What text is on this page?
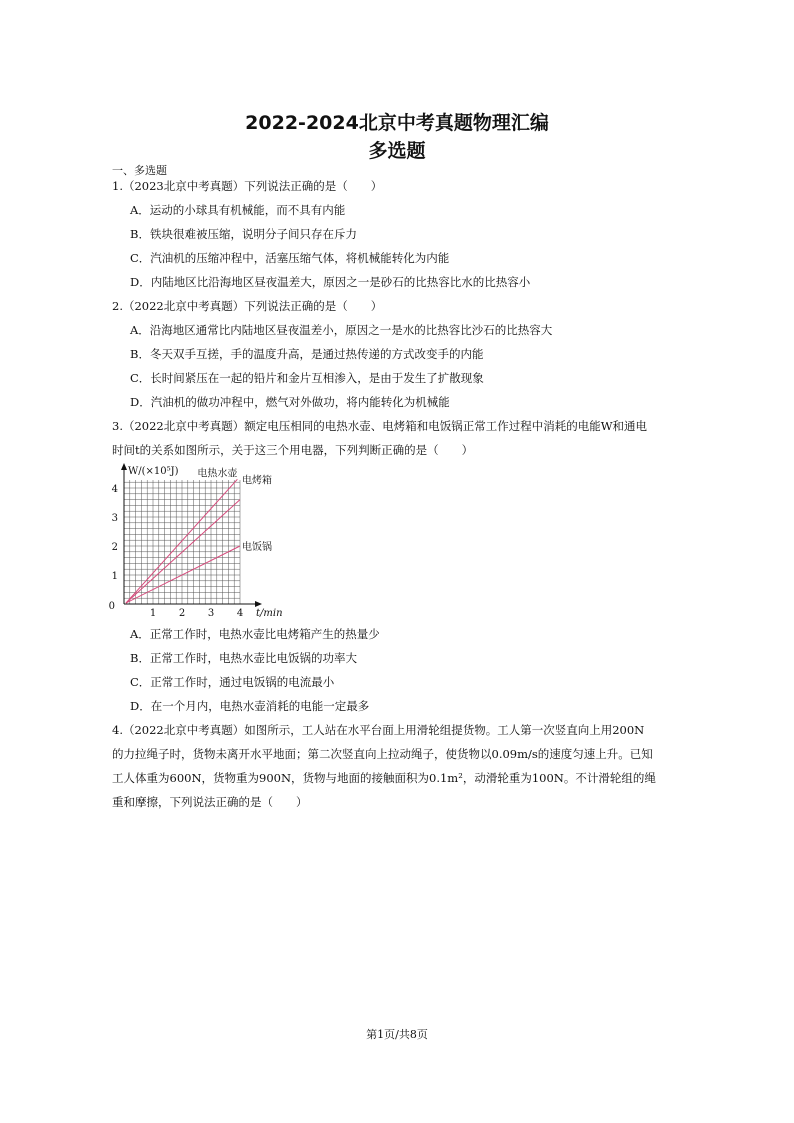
2022-2024北京中考真题物理汇编
多选题
一、多选题
1.（2023北京中考真题）下列说法正确的是（　　）
A．运动的小球具有机械能，而不具有内能
B．铁块很难被压缩，说明分子间只存在斥力
C．汽油机的压缩冲程中，活塞压缩气体，将机械能转化为内能
D．内陆地区比沿海地区昼夜温差大，原因之一是砂石的比热容比水的比热容小
2.（2022北京中考真题）下列说法正确的是（　　）
A．沿海地区通常比内陆地区昼夜温差小，原因之一是水的比热容比沙石的比热容大
B．冬天双手互搓，手的温度升高，是通过热传递的方式改变手的内能
C．长时间紧压在一起的铅片和金片互相渗入，是由于发生了扩散现象
D．汽油机的做功冲程中，燃气对外做功，将内能转化为机械能
3.（2022北京中考真题）额定电压相同的电热水壶、电烤箱和电饭锅正常工作过程中消耗的电能W和通电
时间t的关系如图所示，关于这三个用电器，下列判断正确的是（　　）
1 2 3 4
1
2
3
4
0
t/min
W/(×10⁵J) 电热水壶
电烤箱
电饭锅
A．正常工作时，电热水壶比电烤箱产生的热量少
B．正常工作时，电热水壶比电饭锅的功率大
C．正常工作时，通过电饭锅的电流最小
D．在一个月内，电热水壶消耗的电能一定最多
4.（2022北京中考真题）如图所示，工人站在水平台面上用滑轮组提货物。工人第一次竖直向上用200N
的力拉绳子时，货物未离开水平地面；第二次竖直向上拉动绳子，使货物以0.09m/s的速度匀速上升。已知
工人体重为600N，货物重为900N，货物与地面的接触面积为0.1m²，动滑轮重为100N。不计滑轮组的绳
重和摩擦，下列说法正确的是（　　）
第1页/共8页
